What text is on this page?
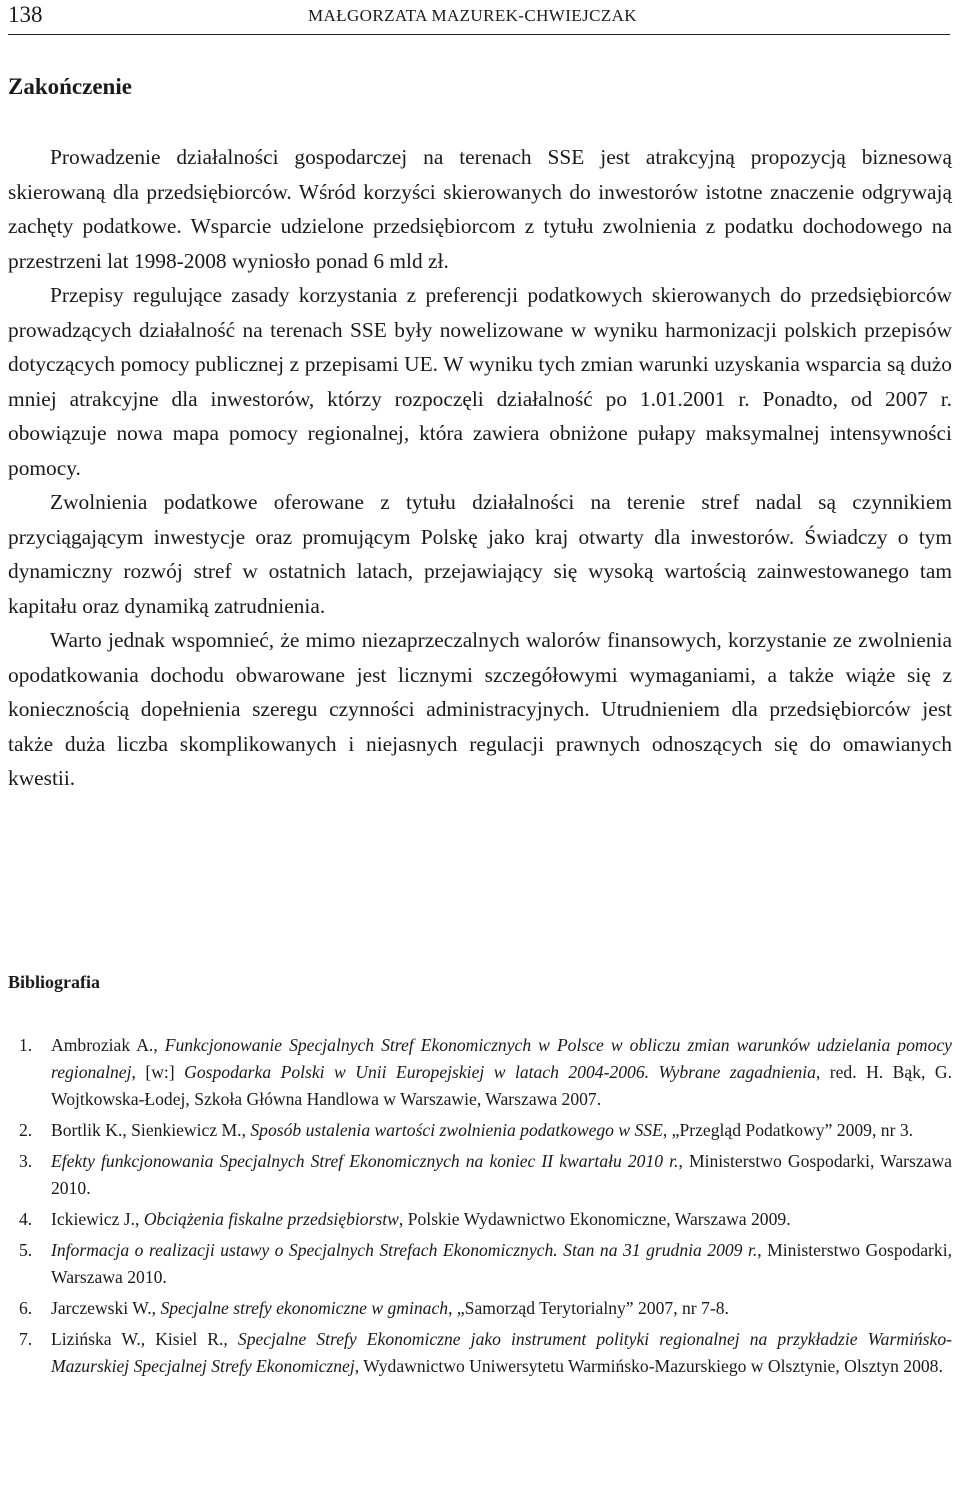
138	MAŁGORZATA MAZUREK-CHWIEJCZAK
Zakończenie

Prowadzenie działalności gospodarczej na terenach SSE jest atrakcyjną propozycją biznesową skierowaną dla przedsiębiorców. Wśród korzyści skierowanych do inwestorów istotne znaczenie odgrywają zachęty podatkowe. Wsparcie udzielone przedsiębiorcom z tytułu zwolnienia z podatku dochodowego na przestrzeni lat 1998-2008 wyniosło ponad 6 mld zł.

Przepisy regulujące zasady korzystania z preferencji podatkowych skierowanych do przedsiębiorców prowadzących działalność na terenach SSE były nowelizowane w wyniku harmonizacji polskich przepisów dotyczących pomocy publicznej z przepisami UE. W wyniku tych zmian warunki uzyskania wsparcia są dużo mniej atrakcyjne dla inwestorów, którzy rozpoczęli działalność po 1.01.2001 r. Ponadto, od 2007 r. obowiązuje nowa mapa pomocy regionalnej, która zawiera obniżone pułapy maksymalnej intensywności pomocy.

Zwolnienia podatkowe oferowane z tytułu działalności na terenie stref nadal są czynnikiem przyciągającym inwestycje oraz promującym Polskę jako kraj otwarty dla inwestorów. Świadczy o tym dynamiczny rozwój stref w ostatnich latach, przejawiający się wysoką wartością zainwestowanego tam kapitału oraz dynamiką zatrudnienia.

Warto jednak wspomnieć, że mimo niezaprzeczalnych walorów finansowych, korzystanie ze zwolnienia opodatkowania dochodu obwarowane jest licznymi szczegółowymi wymaganiami, a także wiąże się z koniecznością dopełnienia szeregu czynności administracyjnych. Utrudnieniem dla przedsiębiorców jest także duża liczba skomplikowanych i niejasnych regulacji prawnych odnoszących się do omawianych kwestii.

Bibliografia
1. Ambroziak A., Funkcjonowanie Specjalnych Stref Ekonomicznych w Polsce w obliczu zmian warunków udzielania pomocy regionalnej, [w:] Gospodarka Polski w Unii Europejskiej w latach 2004-2006. Wybrane zagadnienia, red. H. Bąk, G. Wojtkowska-Łodej, Szkoła Główna Handlowa w Warszawie, Warszawa 2007.
2. Bortlik K., Sienkiewicz M., Sposób ustalenia wartości zwolnienia podatkowego w SSE, „Przegląd Podatkowy” 2009, nr 3.
3. Efekty funkcjonowania Specjalnych Stref Ekonomicznych na koniec II kwartału 2010 r., Ministerstwo Gospodarki, Warszawa 2010.
4. Ickiewicz J., Obciążenia fiskalne przedsiębiorstw, Polskie Wydawnictwo Ekonomiczne, Warszawa 2009.
5. Informacja o realizacji ustawy o Specjalnych Strefach Ekonomicznych. Stan na 31 grudnia 2009 r., Ministerstwo Gospodarki, Warszawa 2010.
6. Jarczewski W., Specjalne strefy ekonomiczne w gminach, „Samorząd Terytorialny” 2007, nr 7-8.
7. Lizińska W., Kisiel R., Specjalne Strefy Ekonomiczne jako instrument polityki regionalnej na przykładzie Warmińsko-Mazurskiej Specjalnej Strefy Ekonomicznej, Wydawnictwo Uniwersytetu Warmińsko-Mazurskiego w Olsztynie, Olsztyn 2008.
